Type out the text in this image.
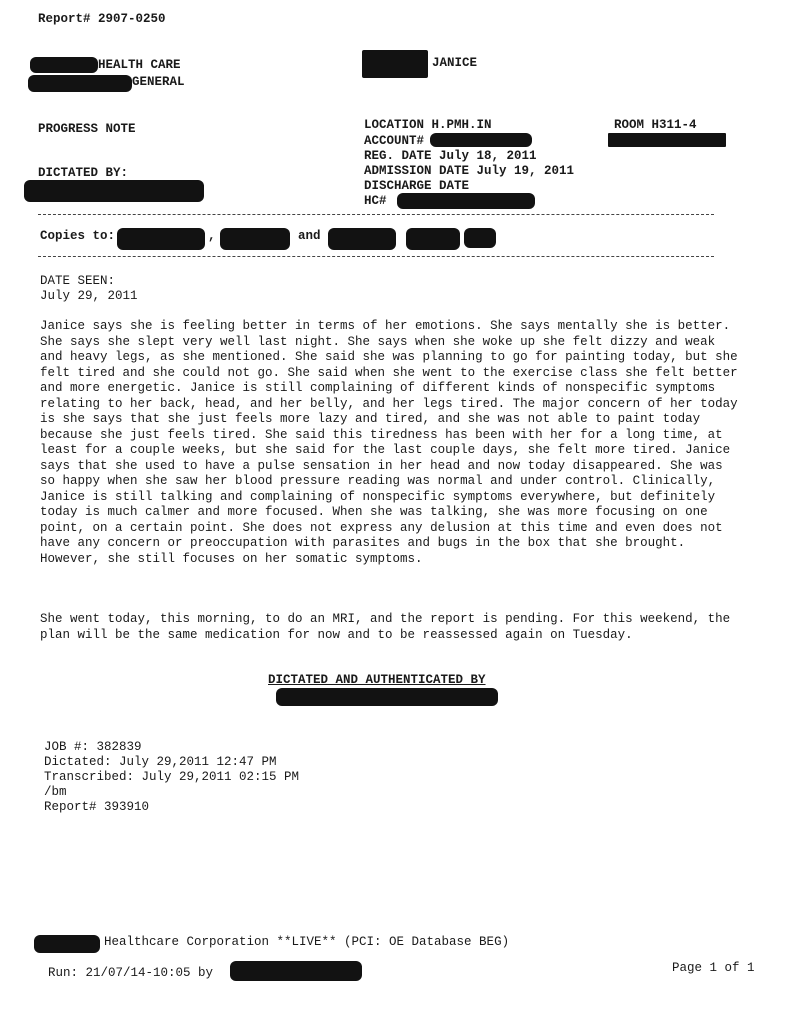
Report# 2907-0250
HEALTH CARE
GENERAL
JANICE
PROGRESS NOTE	LOCATION H.PMH.IN	ROOM H311-4
ACCOUNT#
REG. DATE July 18, 2011
ADMISSION DATE July 19, 2011
DISCHARGE DATE
HC#
DICTATED BY:
Copies to:	,	and
DATE SEEN:
July 29, 2011

Janice says she is feeling better in terms of her emotions. She says mentally she is better. She says she slept very well last night. She says when she woke up she felt dizzy and weak and heavy legs, as she mentioned. She said she was planning to go for painting today, but she felt tired and she could not go. She said when she went to the exercise class she felt better and more energetic. Janice is still complaining of different kinds of nonspecific symptoms relating to her back, head, and her belly, and her legs tired. The major concern of her today is she says that she just feels more lazy and tired, and she was not able to paint today because she just feels tired. She said this tiredness has been with her for a long time, at least for a couple weeks, but she said for the last couple days, she felt more tired. Janice says that she used to have a pulse sensation in her head and now today disappeared. She was so happy when she saw her blood pressure reading was normal and under control. Clinically, Janice is still talking and complaining of nonspecific symptoms everywhere, but definitely today is much calmer and more focused. When she was talking, she was more focusing on one point, on a certain point. She does not express any delusion at this time and even does not have any concern or preoccupation with parasites and bugs in the box that she brought. However, she still focuses on her somatic symptoms.

She went today, this morning, to do an MRI, and the report is pending. For this weekend, the plan will be the same medication for now and to be reassessed again on Tuesday.

DICTATED AND AUTHENTICATED BY
JOB #: 382839
Dictated: July 29,2011 12:47 PM
Transcribed: July 29,2011 02:15 PM
/bm
Report# 393910
Healthcare Corporation **LIVE** (PCI: OE Database BEG)
Run: 21/07/14-10:05 by	Page 1 of 1
